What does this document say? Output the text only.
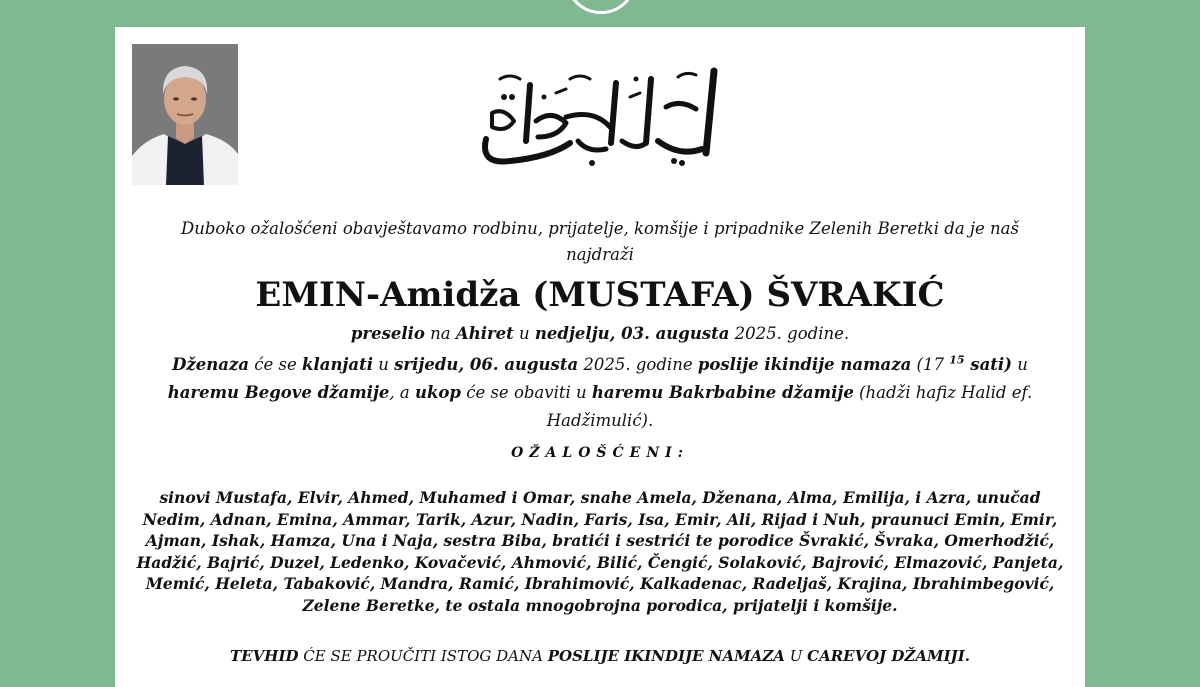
Duboko ožalošćeni obavještavamo rodbinu, prijatelje, komšije i pripadnike Zelenih Beretki da je naš najdraži
EMIN-Amidža (MUSTAFA) ŠVRAKIĆ
preselio na Ahiret u nedjelju, 03. augusta 2025. godine.
Dženaza će se klanjati u srijedu, 06. augusta 2025. godine poslije ikindije namaza (17 $^{15}$ sati) u haremu Begove džamije, a ukop će se obaviti u haremu Bakrbabine džamije (hadži hafiz Halid ef. Hadžimulić).
OŽALOŠĆENI:
sinovi Mustafa, Elvir, Ahmed, Muhamed i Omar, snahe Amela, Dženana, Alma, Emilija, i Azra, unučad Nedim, Adnan, Emina, Ammar, Tarik, Azur, Nadin, Faris, Isa, Emir, Ali, Rijad i Nuh, praunuci Emin, Emir, Ajman, Ishak, Hamza, Una i Naja, sestra Biba, bratići i sestrići te porodice Švrakić, Švraka, Omerhodžić, Hadžić, Bajrić, Duzel, Ledenko, Kovačević, Ahmović, Bilić, Čengić, Solaković, Bajrović, Elmazović, Panjeta, Memić, Heleta, Tabaković, Mandra, Ramić, Ibrahimović, Kalkadenac, Radeljaš, Krajina, Ibrahimbegović, Zelene Beretke, te ostala mnogobrojna porodica, prijatelji i komšije.
TEVHID ĆE SE PROUČITI ISTOG DANA POSLIJE IKINDIJE NAMAZA U CAREVOJ DŽAMIJI.
